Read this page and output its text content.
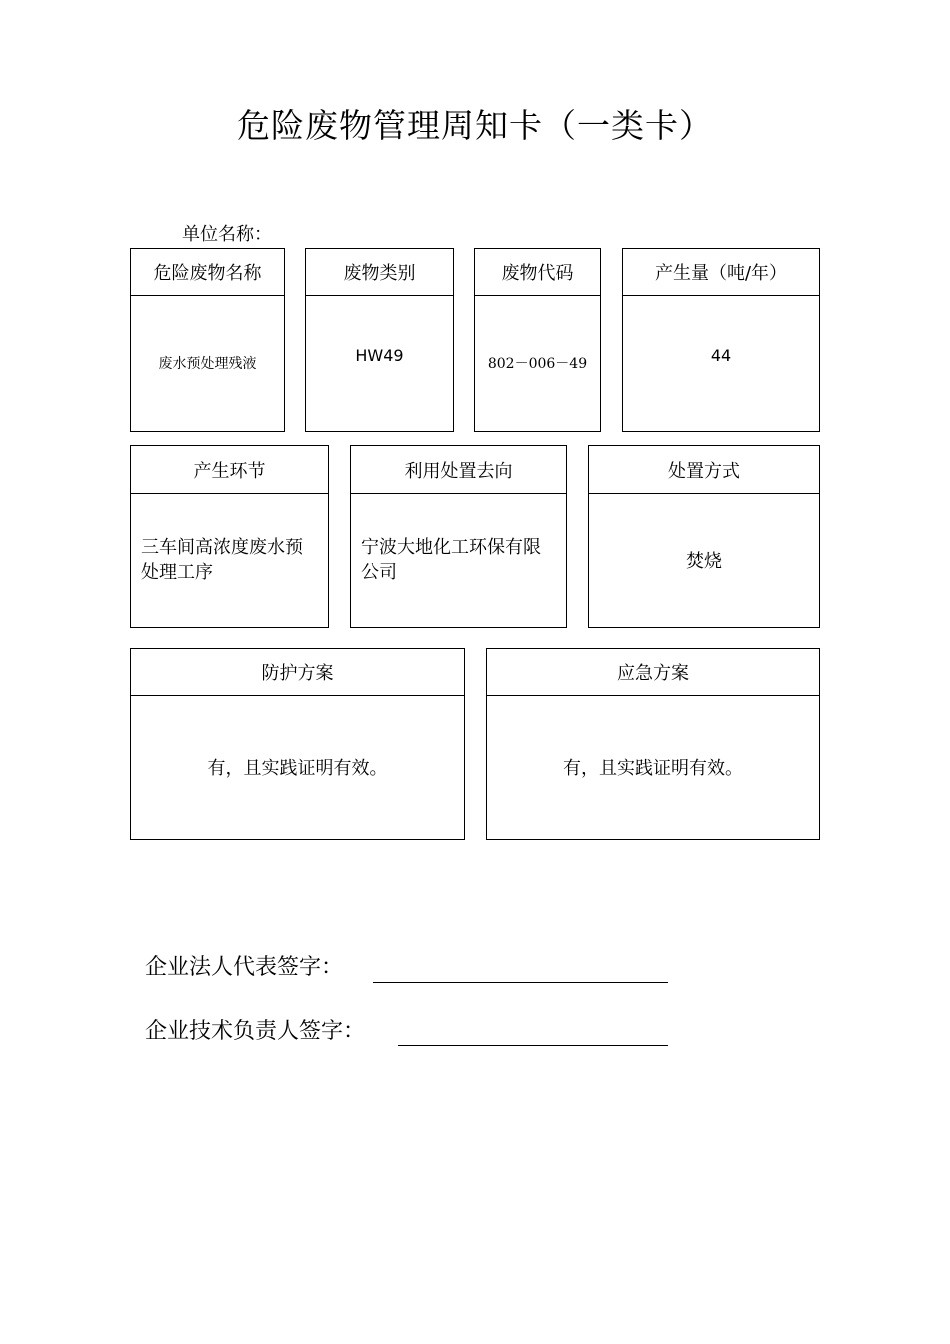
危险废物管理周知卡（一类卡）
单位名称：
危险废物名称
废水预处理残液
废物类别
HW49
废物代码
802－006－49
产生量（吨/年）
44
产生环节
三车间高浓度废水预处理工序
利用处置去向
宁波大地化工环保有限公司
处置方式
焚烧
防护方案
有，且实践证明有效。
应急方案
有，且实践证明有效。
企业法人代表签字：
企业技术负责人签字：
